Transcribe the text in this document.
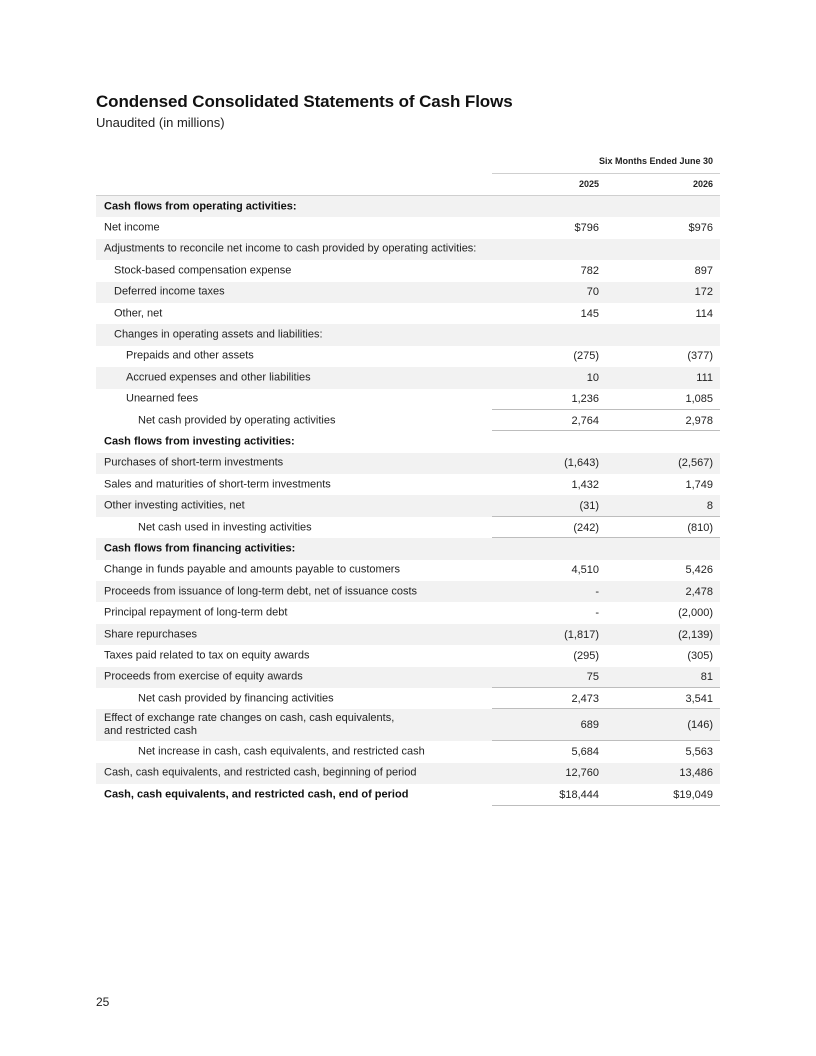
Condensed Consolidated Statements of Cash Flows
Unaudited (in millions)
Six Months Ended June 30
2025	2026
Cash flows from operating activities:
Net income	$796	$976
Adjustments to reconcile net income to cash provided by operating activities:
Stock-based compensation expense	782	897
Deferred income taxes	70	172
Other, net	145	114
Changes in operating assets and liabilities:
Prepaids and other assets	(275)	(377)
Accrued expenses and other liabilities	10	111
Unearned fees	1,236	1,085
Net cash provided by operating activities	2,764	2,978
Cash flows from investing activities:
Purchases of short-term investments	(1,643)	(2,567)
Sales and maturities of short-term investments	1,432	1,749
Other investing activities, net	(31)	8
Net cash used in investing activities	(242)	(810)
Cash flows from financing activities:
Change in funds payable and amounts payable to customers	4,510	5,426
Proceeds from issuance of long-term debt, net of issuance costs	-	2,478
Principal repayment of long-term debt	-	(2,000)
Share repurchases	(1,817)	(2,139)
Taxes paid related to tax on equity awards	(295)	(305)
Proceeds from exercise of equity awards	75	81
Net cash provided by financing activities	2,473	3,541
Effect of exchange rate changes on cash, cash equivalents,
and restricted cash	689	(146)
Net increase in cash, cash equivalents, and restricted cash	5,684	5,563
Cash, cash equivalents, and restricted cash, beginning of period	12,760	13,486
Cash, cash equivalents, and restricted cash, end of period	$18,444	$19,049
25
